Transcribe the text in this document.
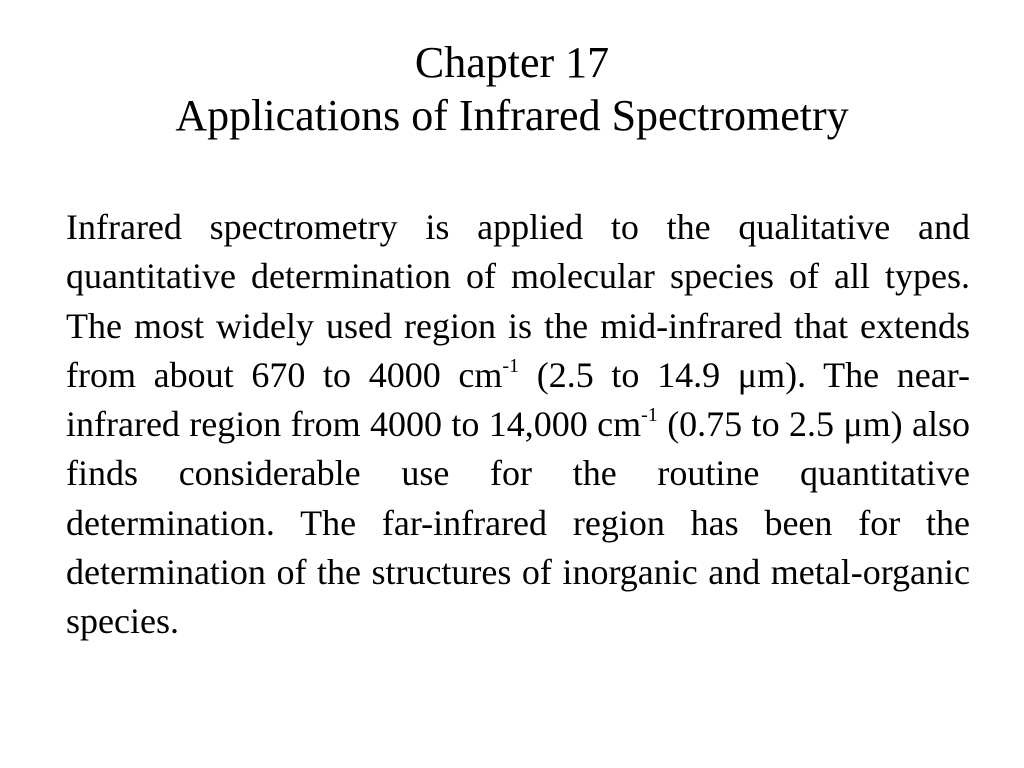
Chapter 17
Applications of Infrared Spectrometry

Infrared spectrometry is applied to the qualitative and quantitative determination of molecular species of all types. The most widely used region is the mid-infrared that extends from about 670 to 4000 $cm^{-1}$ (2.5 to 14.9 μm). The near-infrared region from 4000 to 14,000 $cm^{-1}$ (0.75 to 2.5 μm) also finds considerable use for the routine quantitative determination. The far-infrared region has been for the determination of the structures of inorganic and metal-organic species.
